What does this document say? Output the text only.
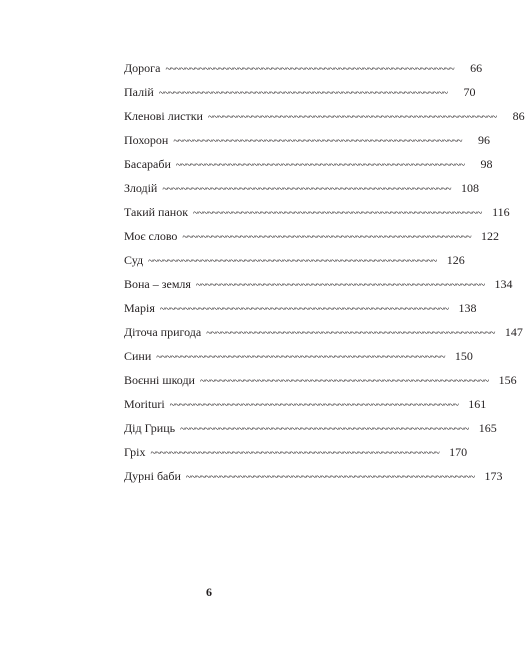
Дорога ~~~~~~~~~~~~~~~~~~~~~~~~~~~~~~~~~~~~~~~~~~~~~~~~~~~~~~~~~~~~	66
Палій ~~~~~~~~~~~~~~~~~~~~~~~~~~~~~~~~~~~~~~~~~~~~~~~~~~~~~~~~~~~~	70
Кленові листки ~~~~~~~~~~~~~~~~~~~~~~~~~~~~~~~~~~~~~~~~~~~~~~~~~~~~~~~~~~~~	86
Похорон ~~~~~~~~~~~~~~~~~~~~~~~~~~~~~~~~~~~~~~~~~~~~~~~~~~~~~~~~~~~~	96
Басараби ~~~~~~~~~~~~~~~~~~~~~~~~~~~~~~~~~~~~~~~~~~~~~~~~~~~~~~~~~~~~	98
Злодій ~~~~~~~~~~~~~~~~~~~~~~~~~~~~~~~~~~~~~~~~~~~~~~~~~~~~~~~~~~~~ 108
Такий панок ~~~~~~~~~~~~~~~~~~~~~~~~~~~~~~~~~~~~~~~~~~~~~~~~~~~~~~~~~~~~ 116
Моє слово ~~~~~~~~~~~~~~~~~~~~~~~~~~~~~~~~~~~~~~~~~~~~~~~~~~~~~~~~~~~~ 122
Суд ~~~~~~~~~~~~~~~~~~~~~~~~~~~~~~~~~~~~~~~~~~~~~~~~~~~~~~~~~~~~ 126
Вона – земля ~~~~~~~~~~~~~~~~~~~~~~~~~~~~~~~~~~~~~~~~~~~~~~~~~~~~~~~~~~~~ 134
Марія ~~~~~~~~~~~~~~~~~~~~~~~~~~~~~~~~~~~~~~~~~~~~~~~~~~~~~~~~~~~~ 138
Діточа пригода ~~~~~~~~~~~~~~~~~~~~~~~~~~~~~~~~~~~~~~~~~~~~~~~~~~~~~~~~~~~~ 147
Сини ~~~~~~~~~~~~~~~~~~~~~~~~~~~~~~~~~~~~~~~~~~~~~~~~~~~~~~~~~~~~ 150
Воєнні шкоди ~~~~~~~~~~~~~~~~~~~~~~~~~~~~~~~~~~~~~~~~~~~~~~~~~~~~~~~~~~~~ 156
Morituri ~~~~~~~~~~~~~~~~~~~~~~~~~~~~~~~~~~~~~~~~~~~~~~~~~~~~~~~~~~~~ 161
Дід Гриць ~~~~~~~~~~~~~~~~~~~~~~~~~~~~~~~~~~~~~~~~~~~~~~~~~~~~~~~~~~~~ 165
Гріх ~~~~~~~~~~~~~~~~~~~~~~~~~~~~~~~~~~~~~~~~~~~~~~~~~~~~~~~~~~~~ 170
Дурні баби ~~~~~~~~~~~~~~~~~~~~~~~~~~~~~~~~~~~~~~~~~~~~~~~~~~~~~~~~~~~~ 173
6
